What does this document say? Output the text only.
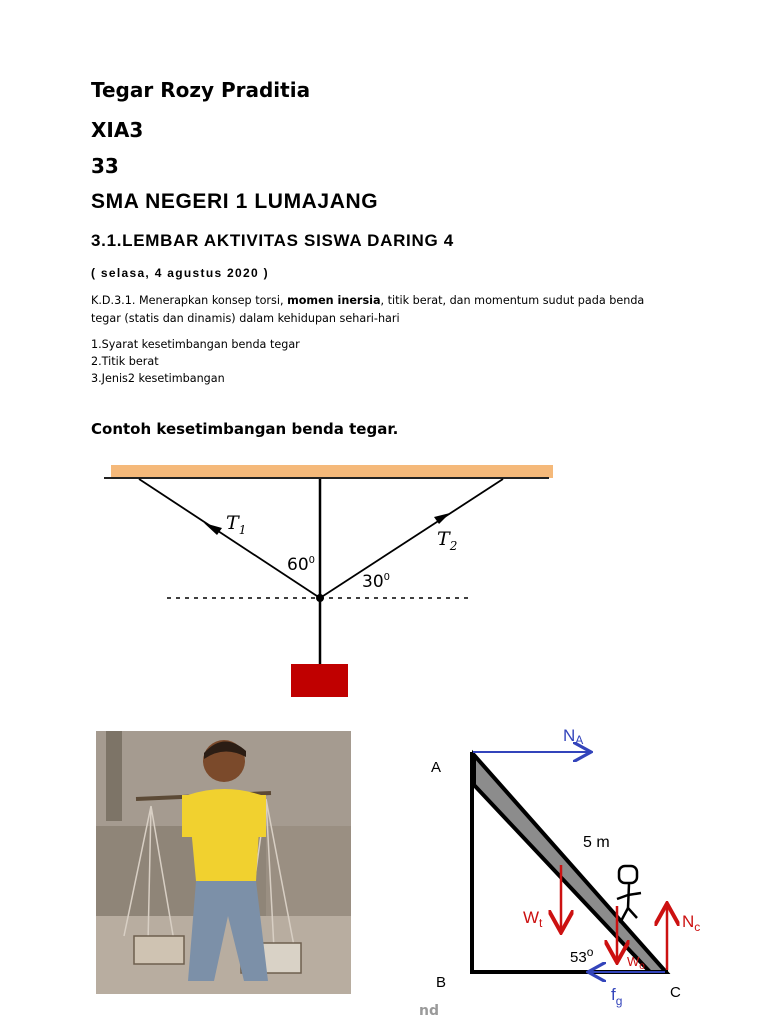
Tegar Rozy Praditia
XIA3
33
SMA NEGERI 1 LUMAJANG
3.1.LEMBAR AKTIVITAS SISWA DARING 4
( selasa, 4 agustus 2020 )
K.D.3.1. Menerapkan konsep torsi, momen inersia, titik berat, dan momentum sudut pada benda tegar (statis dan dinamis) dalam kehidupan sehari-hari
1.Syarat kesetimbangan benda tegar
2.Titik berat
3.Jenis2 kesetimbangan
Contoh kesetimbangan benda tegar.
$T_1$	$T_2$
$60^0$
$30^0$
A
B
C
NA
5 m
$W_t$	$N_c$
53$^o$
$W_o$
$f_g$
nd
